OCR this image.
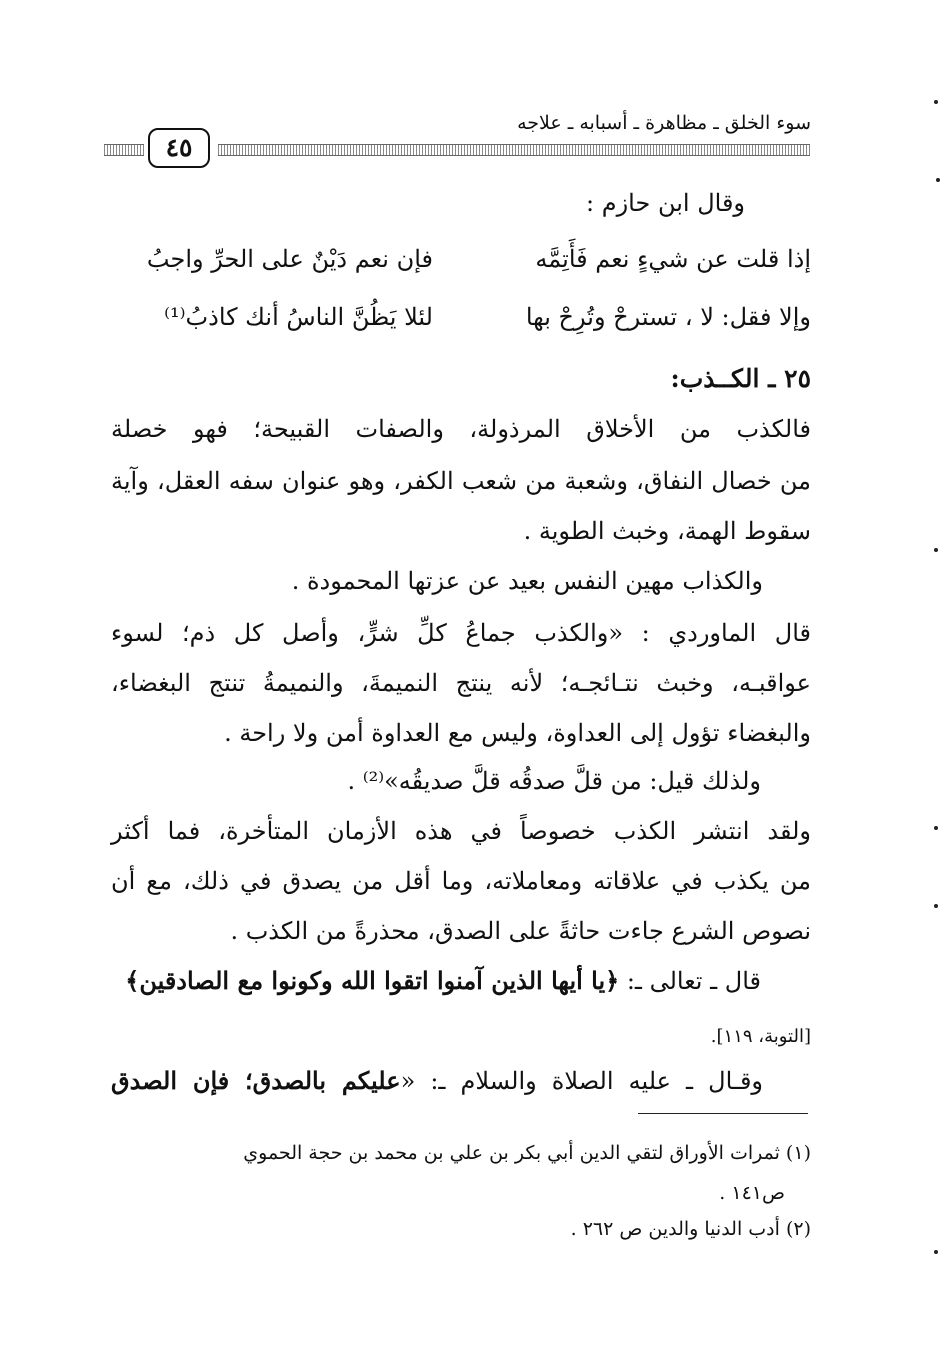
سوء الخلق ـ مظاهرة ـ أسبابه ـ علاجه
٤٥
وقال ابن حازم :
إذا قلت عن شيءٍ نعم فَأَتِمَّه
فإن نعم دَيْنٌ على الحرِّ واجبُ
وإلا فقل: لا ، تسترحْ وتُرِحْ بها
لئلا يَظُنَّ الناسُ أنك كاذبُ⁽¹⁾
٢٥ ـ الكــذب:
فالكذب من الأخلاق المرذولة، والصفات القبيحة؛ فهو خصلة
من خصال النفاق، وشعبة من شعب الكفر، وهو عنوان سفه العقل، وآية
سقوط الهمة، وخبث الطوية .
والكذاب مهين النفس بعيد عن عزتها المحمودة .
قال الماوردي : «والكذب جماعُ كلِّ شرٍّ، وأصل كل ذم؛ لسوء
عواقبـه، وخبث نتـائجـه؛ لأنه ينتج النميمةَ، والنميمةُ تنتج البغضاء،
والبغضاء تؤول إلى العداوة، وليس مع العداوة أمن ولا راحة .
ولذلك قيل: من قلَّ صدقُه قلَّ صديقُه»⁽²⁾ .
ولقد انتشر الكذب خصوصاً في هذه الأزمان المتأخرة، فما أكثر
من يكذب في علاقاته ومعاملاته، وما أقل من يصدق في ذلك، مع أن
نصوص الشرع جاءت حاثةً على الصدق، محذرةً من الكذب .
قال ـ تعالى ـ: ﴿يا أيها الذين آمنوا اتقوا الله وكونوا مع الصادقين﴾
[التوبة، ١١٩].
وقـال ـ عليه الصلاة والسلام ـ: «عليكم بالصدق؛ فإن الصدق
(١) ثمرات الأوراق لتقي الدين أبي بكر بن علي بن محمد بن حجة الحموي
ص١٤١ .
(٢) أدب الدنيا والدين ص ٢٦٢ .
